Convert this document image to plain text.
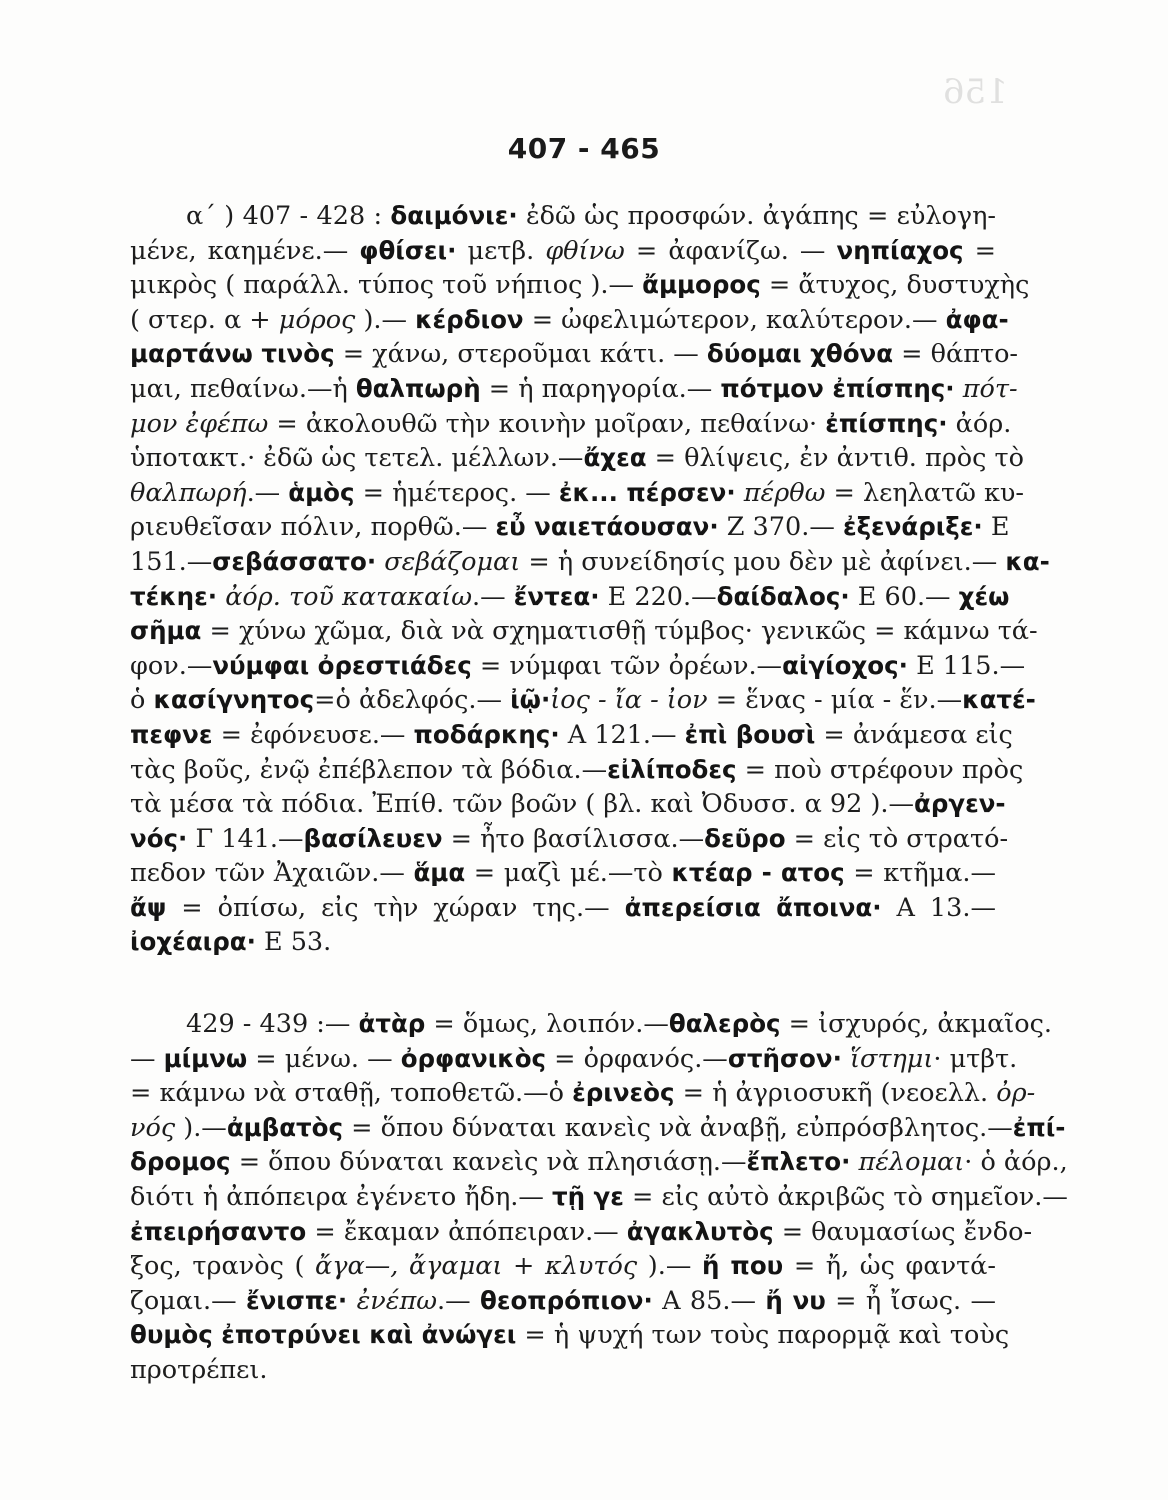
156
407 - 465
α΄ ) 407 - 428 : δαιμόνιε· ἐδῶ ὡς προσφών. ἀγάπης = εὐλογη-
μένε, καημένε.— φθίσει· μετβ. φθίνω = ἀφανίζω. — νηπίαχος =
μικρὸς ( παράλλ. τύπος τοῦ νήπιος ).— ἄμμορος = ἄτυχος, δυστυχὴς
( στερ. α + μόρος ).— κέρδιον = ὠφελιμώτερον, καλύτερον.— ἀφα-
μαρτάνω τινὸς = χάνω, στεροῦμαι κάτι. — δύομαι χθόνα = θάπτο-
μαι, πεθαίνω.—ἡ θαλπωρὴ = ἡ παρηγορία.— πότμον ἐπίσπης· πότ-
μον ἐφέπω = ἀκολουθῶ τὴν κοινὴν μοῖραν, πεθαίνω· ἐπίσπης· ἀόρ.
ὑποτακτ.· ἐδῶ ὡς τετελ. μέλλων.—ἄχεα = θλίψεις, ἐν ἀντιθ. πρὸς τὸ
θαλπωρή.— ἁμὸς = ἡμέτερος. — ἐκ... πέρσεν· πέρθω = λεηλατῶ κυ-
ριευθεῖσαν πόλιν, πορθῶ.— εὖ ναιετάουσαν· Ζ 370.— ἐξενάριξε· Ε
151.—σεβάσσατο· σεβάζομαι = ἡ συνείδησίς μου δὲν μὲ ἀφίνει.— κα-
τέκηε· ἀόρ. τοῦ κατακαίω.— ἔντεα· Ε 220.—δαίδαλος· Ε 60.— χέω
σῆμα = χύνω χῶμα, διὰ νὰ σχηματισθῇ τύμβος· γενικῶς = κάμνω τά-
φον.—νύμφαι ὀρεστιάδες = νύμφαι τῶν ὀρέων.—αἰγίοχος· Ε 115.—
ὁ κασίγνητος=ὁ ἀδελφός.— ἰῷ·ἰος - ἴα - ἰον = ἕνας - μία - ἕν.—κατέ-
πεφνε = ἐφόνευσε.— ποδάρκης· Α 121.— ἐπὶ βουσὶ = ἀνάμεσα εἰς
τὰς βοῦς, ἐνῷ ἐπέβλεπον τὰ βόδια.—εἰλίποδες = ποὺ στρέφουν πρὸς
τὰ μέσα τὰ πόδια. Ἐπίθ. τῶν βοῶν ( βλ. καὶ Ὀδυσσ. α 92 ).—ἀργεν-
νός· Γ 141.—βασίλευεν = ἦτο βασίλισσα.—δεῦρο = εἰς τὸ στρατό-
πεδον τῶν Ἀχαιῶν.— ἅμα = μαζὶ μέ.—τὸ κτέαρ - ατος = κτῆμα.—
ἄψ = ὀπίσω, εἰς τὴν χώραν της.— ἀπερείσια ἄποινα· Α 13.—
ἰοχέαιρα· Ε 53.
429 - 439 :— ἀτὰρ = ὅμως, λοιπόν.—θαλερὸς = ἰσχυρός, ἀκμαῖος.
— μίμνω = μένω. — ὀρφανικὸς = ὀρφανός.—στῆσον· ἵστημι· μτβτ.
= κάμνω νὰ σταθῇ, τοποθετῶ.—ὁ ἐρινεὸς = ἡ ἀγριοσυκῆ (νεοελλ. ὀρ-
νός ).—ἀμβατὸς = ὅπου δύναται κανεὶς νὰ ἀναβῇ, εὐπρόσβλητος.—ἐπί-
δρομος = ὅπου δύναται κανεὶς νὰ πλησιάσῃ.—ἔπλετο· πέλομαι· ὁ ἀόρ.,
διότι ἡ ἀπόπειρα ἐγένετο ἤδη.— τῇ γε = εἰς αὐτὸ ἀκριβῶς τὸ σημεῖον.—
ἐπειρήσαντο = ἔκαμαν ἀπόπειραν.— ἀγακλυτὸς = θαυμασίως ἔνδο-
ξος, τρανὸς ( ἄγα—, ἄγαμαι + κλυτός ).— ἤ που = ἤ, ὡς φαντά-
ζομαι.— ἔνισπε· ἐνέπω.— θεοπρόπιον· Α 85.— ἤ νυ = ἦ ἴσως. —
θυμὸς ἐποτρύνει καὶ ἀνώγει = ἡ ψυχή των τοὺς παρορμᾷ καὶ τοὺς
προτρέπει.
